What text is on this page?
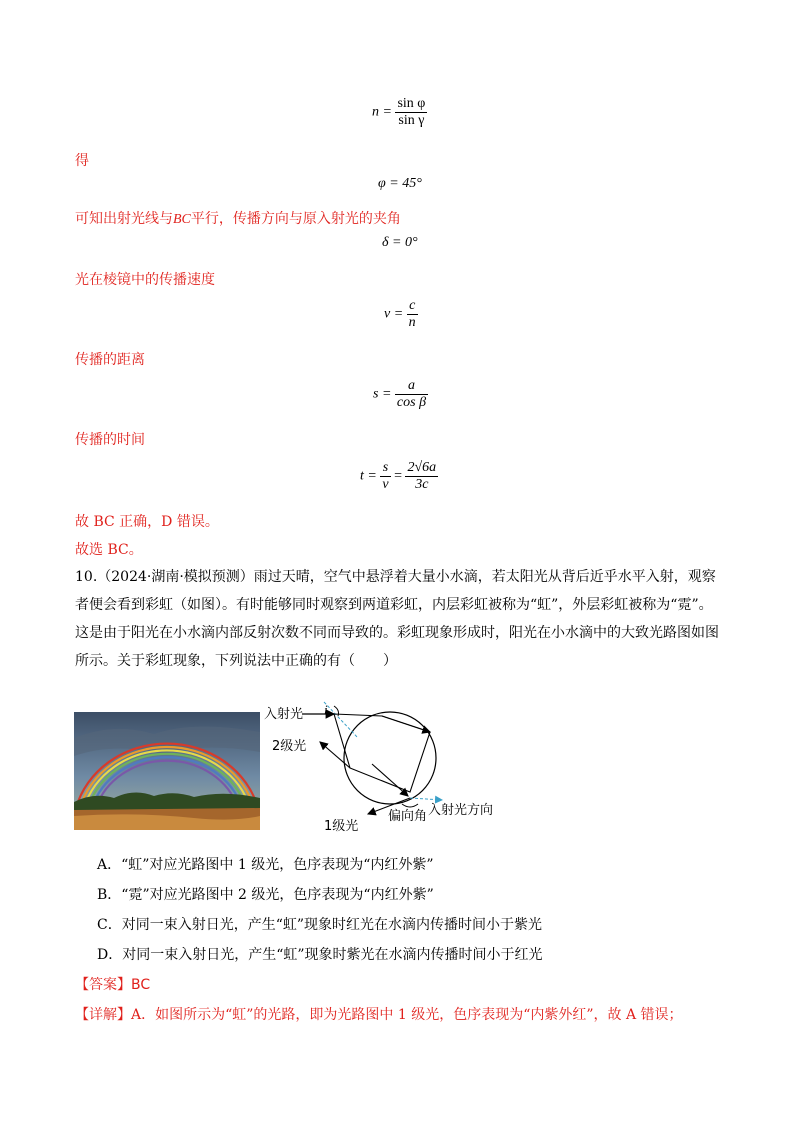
$n = \frac{\text{sin φ}}{\text{sin γ}}$
得
φ = 45°
可知出射光线与BC平行，传播方向与原入射光的夹角
δ = 0°
光在棱镜中的传播速度
$v = \frac{c}{n}$
传播的距离
$s = \frac{a}{\text{cos β}}$
传播的时间
$t = \frac{s}{v} = \frac{2√6a}{3c}$
故 BC 正确，D 错误。
故选 BC。
10.（2024·湖南·模拟预测）雨过天晴，空气中悬浮着大量小水滴，若太阳光从背后近乎水平入射，观察者便会看到彩虹（如图）。有时能够同时观察到两道彩虹，内层彩虹被称为“虹”，外层彩虹被称为“霓”。这是由于阳光在小水滴内部反射次数不同而导致的。彩虹现象形成时，阳光在小水滴中的大致光路图如图所示。关于彩虹现象，下列说法中正确的有（　　）
入射光 i
2级光
1级光
偏向角 入射光方向
A．“虹”对应光路图中 1 级光，色序表现为“内红外紫”
B．“霓”对应光路图中 2 级光，色序表现为“内红外紫”
C．对同一束入射日光，产生“虹”现象时红光在水滴内传播时间小于紫光
D．对同一束入射日光，产生“虹”现象时紫光在水滴内传播时间小于红光
【答案】BC
【详解】A．如图所示为“虹”的光路，即为光路图中 1 级光，色序表现为“内紫外红”，故 A 错误；
